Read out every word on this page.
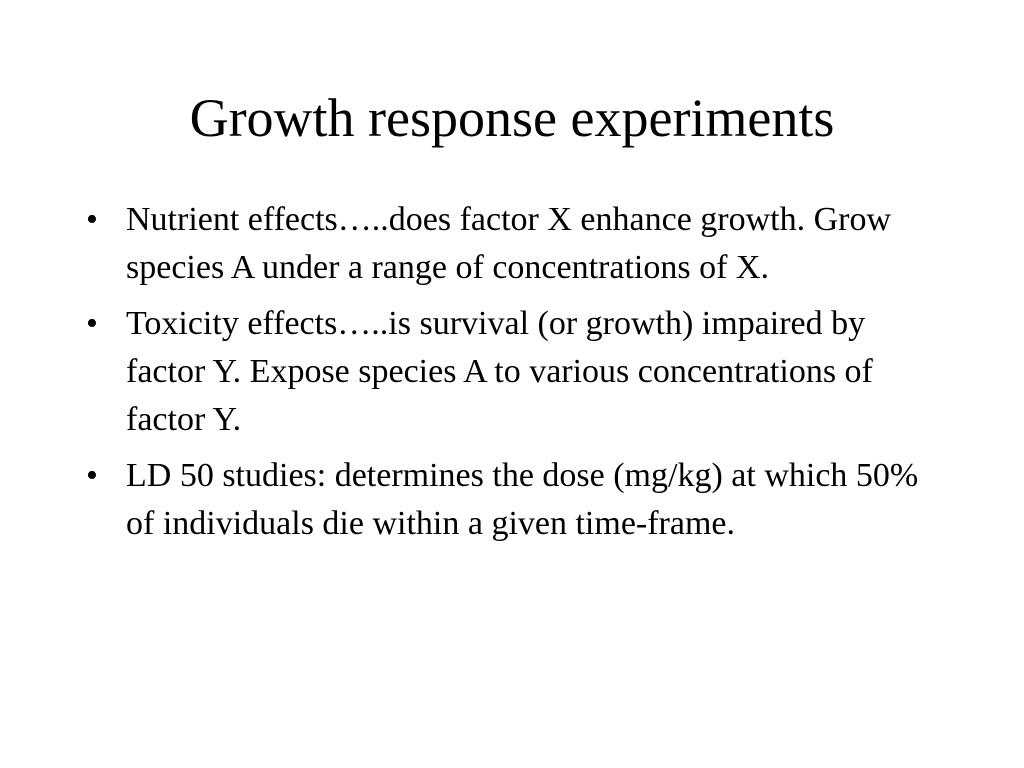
Growth response experiments
• Nutrient effects…..does factor X enhance growth. Grow species A under a range of concentrations of X.
• Toxicity effects…..is survival (or growth) impaired by factor Y. Expose species A to various concentrations of factor Y.
• LD 50 studies: determines the dose (mg/kg) at which 50% of individuals die within a given time-frame.
